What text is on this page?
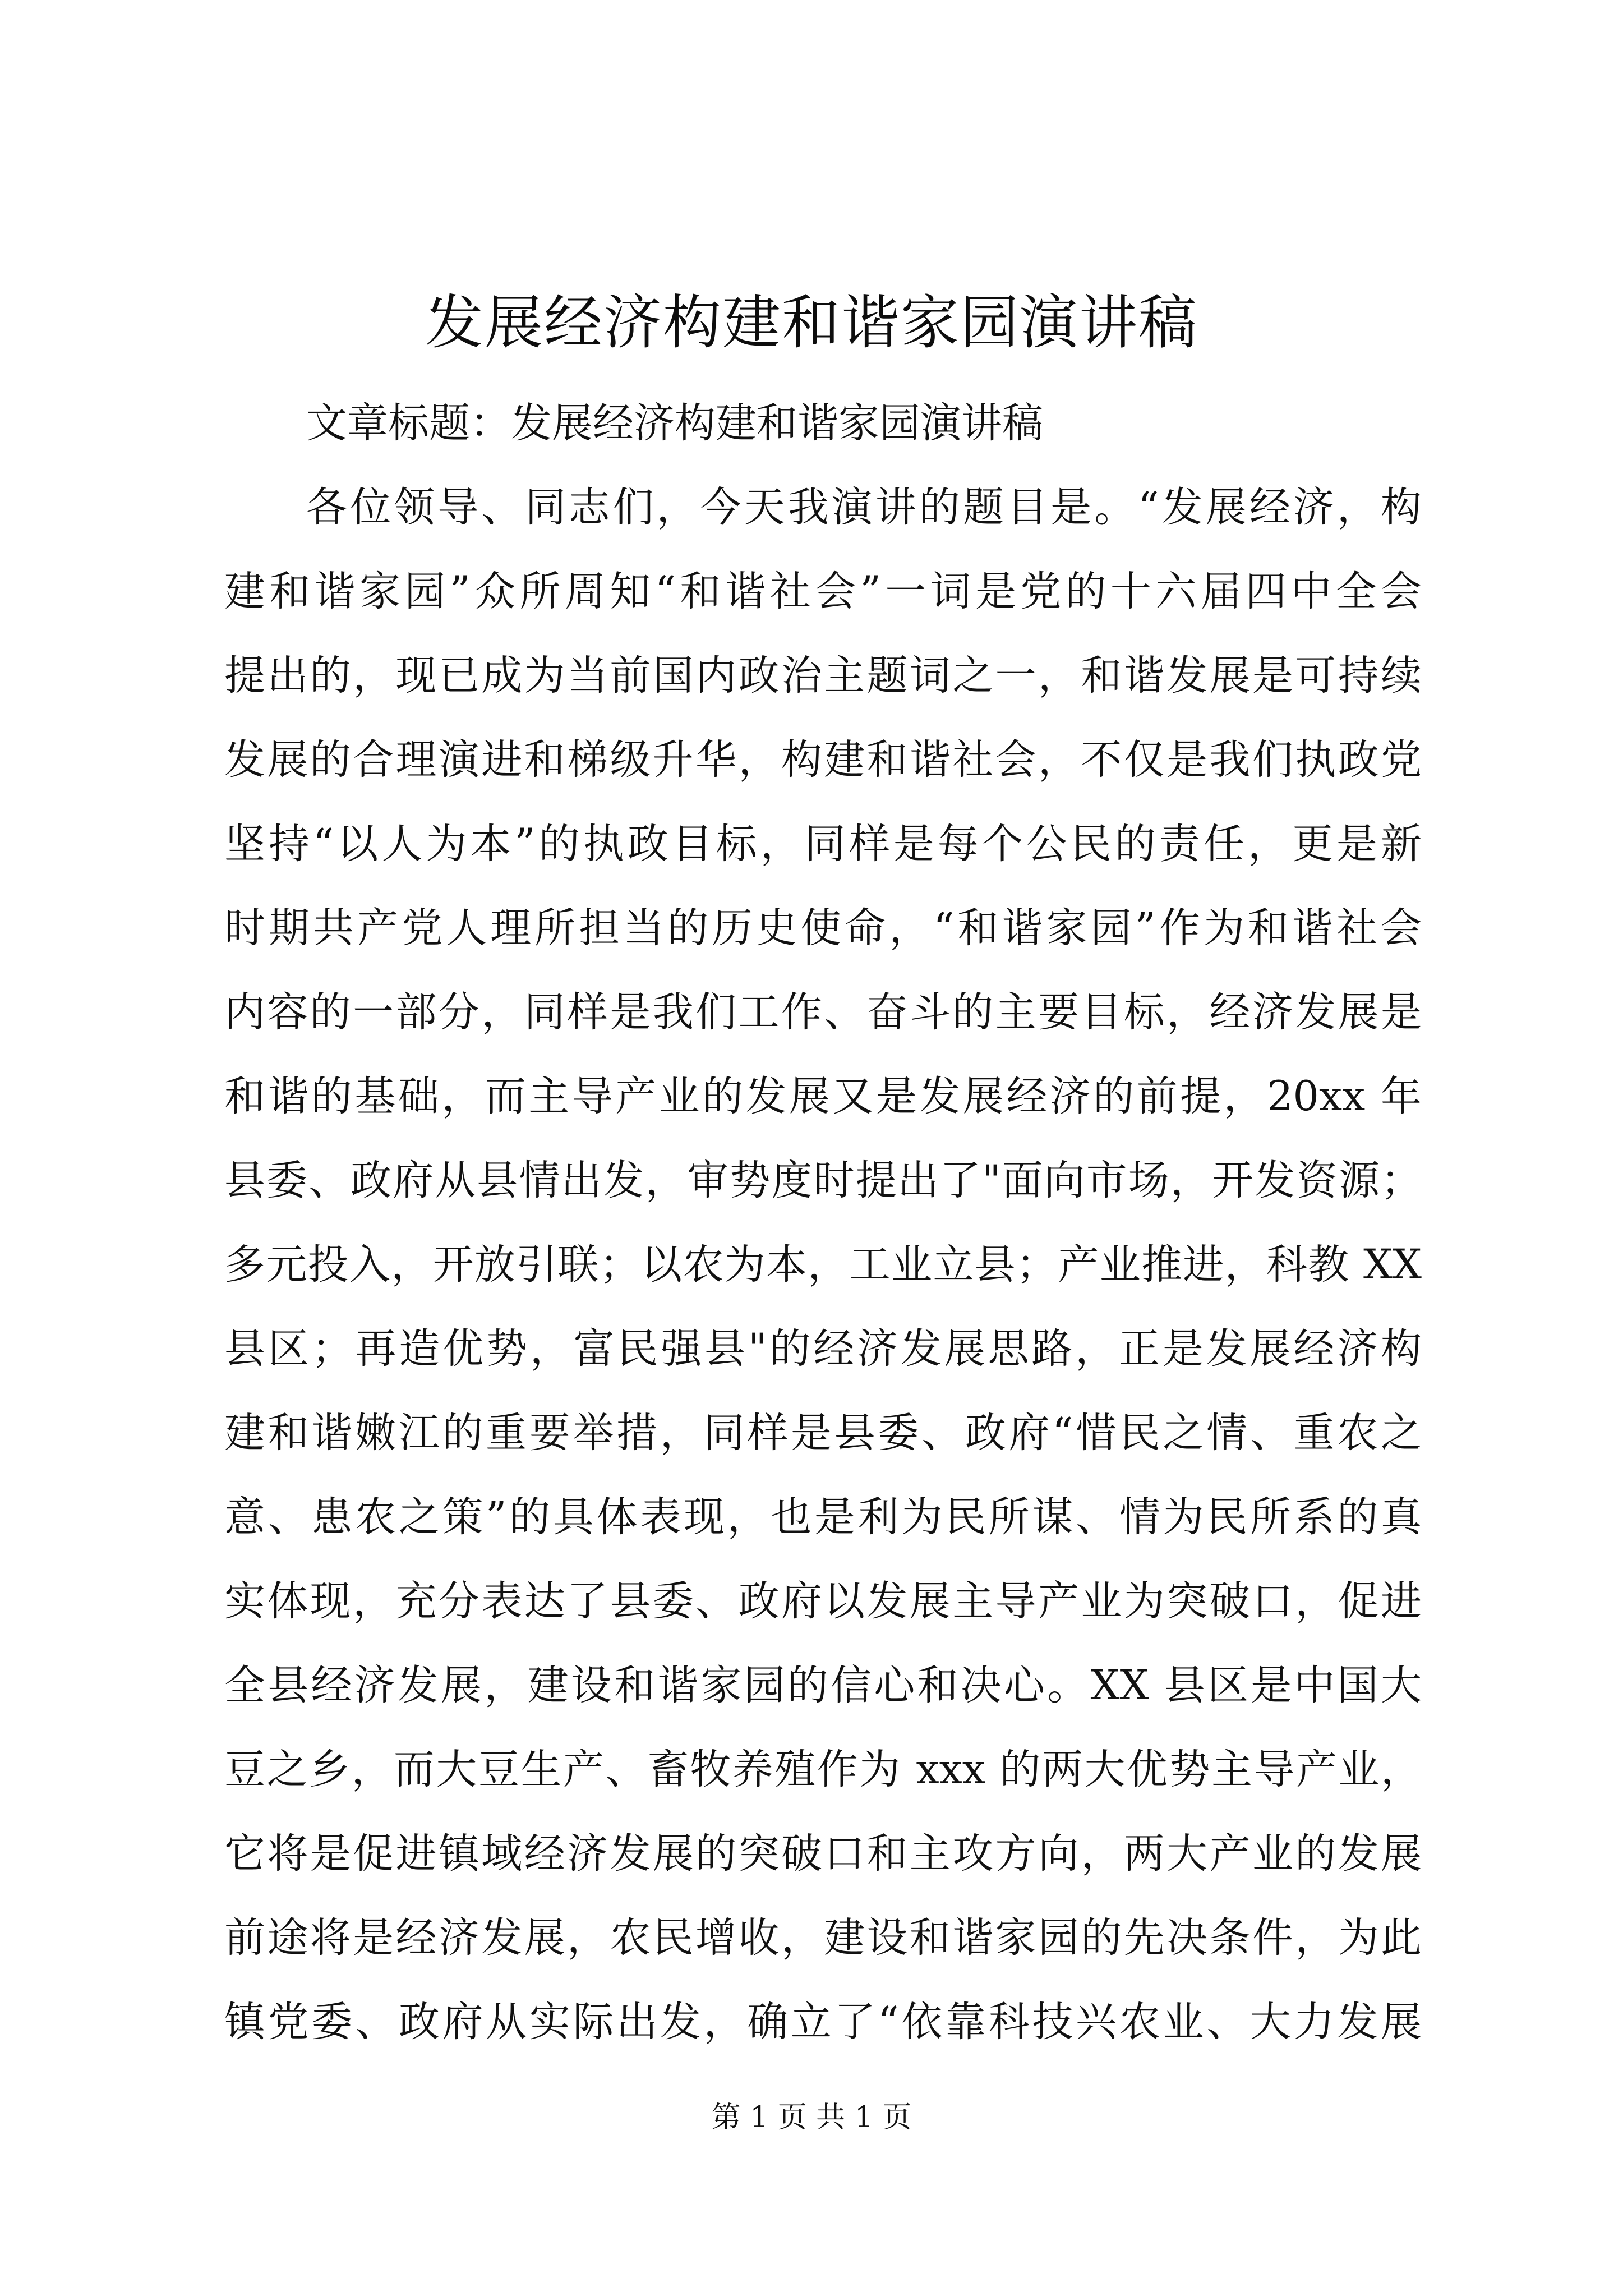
发展经济构建和谐家园演讲稿
文章标题：发展经济构建和谐家园演讲稿
各位领导、同志们，今天我演讲的题目是。“发展经济，构
建和谐家园”众所周知“和谐社会”一词是党的十六届四中全会
提出的，现已成为当前国内政治主题词之一，和谐发展是可持续
发展的合理演进和梯级升华，构建和谐社会，不仅是我们执政党
坚持“以人为本”的执政目标，同样是每个公民的责任，更是新
时期共产党人理所担当的历史使命，“和谐家园”作为和谐社会
内容的一部分，同样是我们工作、奋斗的主要目标，经济发展是
和谐的基础，而主导产业的发展又是发展经济的前提，20xx 年
县委、政府从县情出发，审势度时提出了"面向市场，开发资源；
多元投入，开放引联；以农为本，工业立县；产业推进，科教 XX
县区；再造优势，富民强县"的经济发展思路，正是发展经济构
建和谐嫩江的重要举措，同样是县委、政府“惜民之情、重农之
意、患农之策”的具体表现，也是利为民所谋、情为民所系的真
实体现，充分表达了县委、政府以发展主导产业为突破口，促进
全县经济发展，建设和谐家园的信心和决心。XX 县区是中国大
豆之乡，而大豆生产、畜牧养殖作为 xxx 的两大优势主导产业，
它将是促进镇域经济发展的突破口和主攻方向，两大产业的发展
前途将是经济发展，农民增收，建设和谐家园的先决条件，为此
镇党委、政府从实际出发，确立了“依靠科技兴农业、大力发展
第 1 页 共 1 页
